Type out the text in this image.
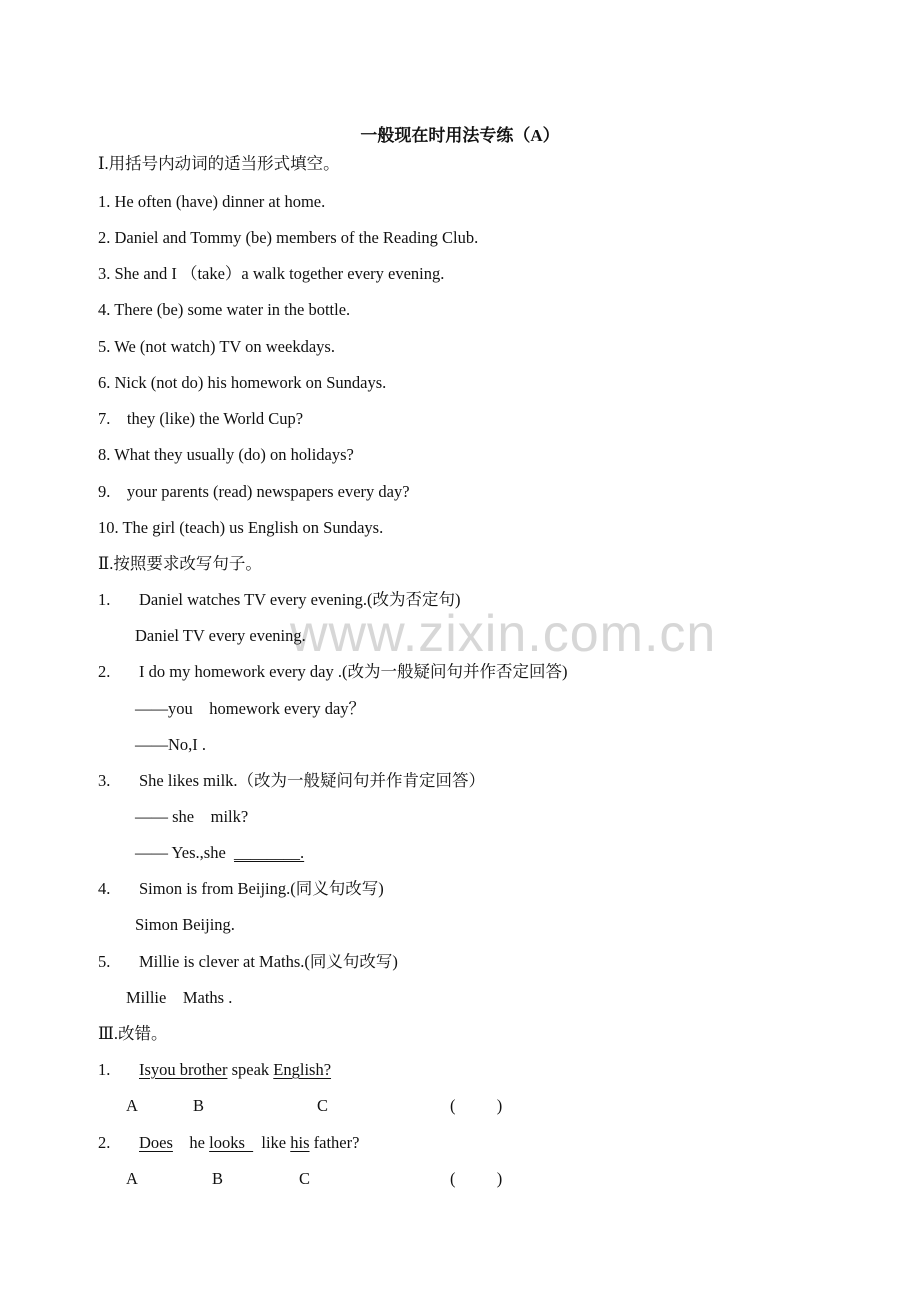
www.zixin.com.cn
一般现在时用法专练（A）
Ⅰ.用括号内动词的适当形式填空。
1. He often (have) dinner at home.
2. Daniel and Tommy (be) members of the Reading Club.
3. She and I （take）a walk together every evening.
4. There (be) some water in the bottle.
5. We (not watch) TV on weekdays.
6. Nick (not do) his homework on Sundays.
7.    they (like) the World Cup?
8. What they usually (do) on holidays?
9.    your parents (read) newspapers every day?
10. The girl (teach) us English on Sundays.
Ⅱ.按照要求改写句子。
1. Daniel watches TV every evening.(改为否定句)
Daniel TV every evening.
2. I do my homework every day .(改为一般疑问句并作否定回答)
——you    homework every day？
——No,I .
3. She likes milk.（改为一般疑问句并作肯定回答）
—— she    milk?
—— Yes.,she ________.
4. Simon is from Beijing.(同义句改写)
Simon Beijing.
5. Millie is clever at Maths.(同义句改写)
Millie    Maths .
Ⅲ.改错。
1. Isyou brother speak English?
A	B	C	(          )
2. Does    he looks    like his father?
A	B	C	(          )
